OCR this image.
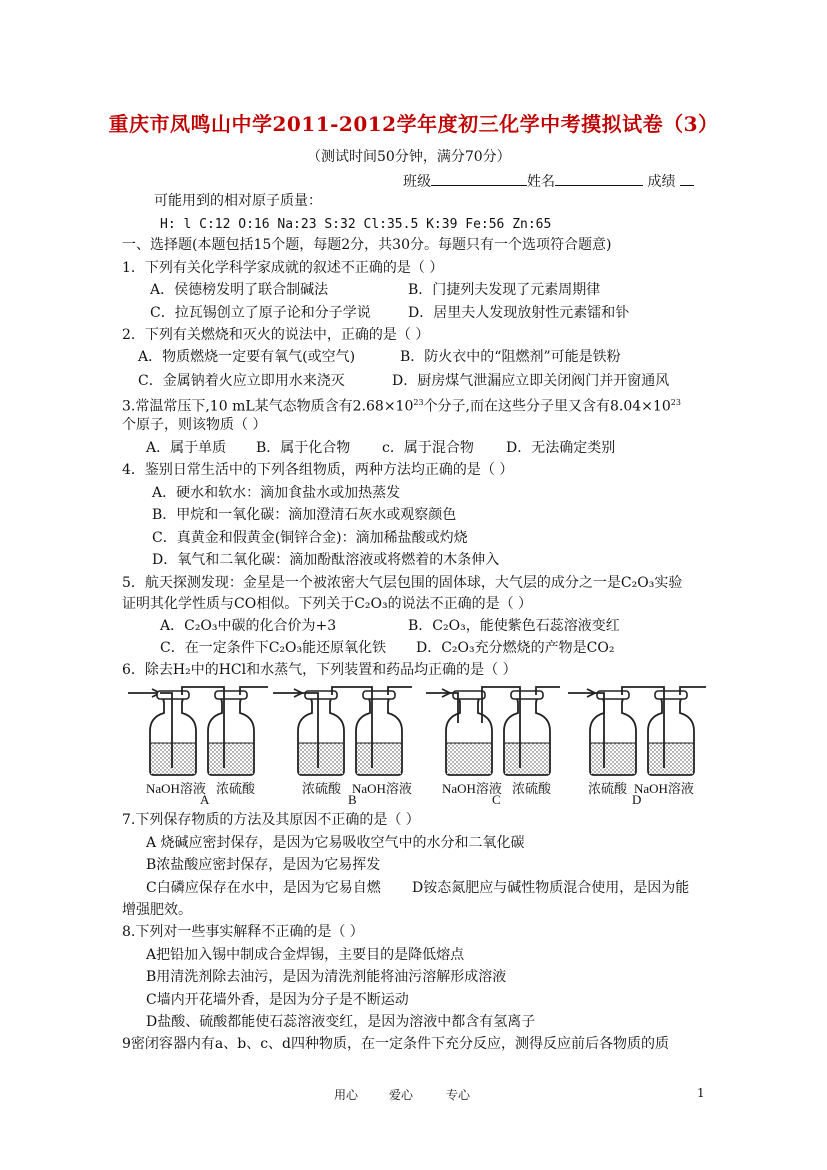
重庆市凤鸣山中学2011-2012学年度初三化学中考摸拟试卷（3）
（测试时间50分钟，满分70分）
班级	姓名	成绩
可能用到的相对原子质量：
H: l C:12 O:16 Na:23 S:32 Cl:35.5 K:39 Fe:56 Zn:65
一、选择题(本题包括15个题，每题2分，共30分。每题只有一个选项符合题意)
1．下列有关化学科学家成就的叙述不正确的是（ ）
A．侯德榜发明了联合制碱法	B．门捷列夫发现了元素周期律
C．拉瓦锡创立了原子论和分子学说	D．居里夫人发现放射性元素镭和钋
2．下列有关燃烧和灭火的说法中，正确的是（ ）
A．物质燃烧一定要有氧气(或空气)	B．防火衣中的“阻燃剂”可能是铁粉
C．金属钠着火应立即用水来浇灭	D．厨房煤气泄漏应立即关闭阀门并开窗通风
3.常温常压下,10 mL某气态物质含有$2.68\times 10^{23}$个分子,而在这些分子里又含有$8.04\times 10^{23}$
个原子，则该物质（ ）
A．属于单质 B．属于化合物 c．属于混合物 D．无法确定类别
4．鉴别日常生活中的下列各组物质，两种方法均正确的是（ ）
A．硬水和软水：滴加食盐水或加热蒸发
B．甲烷和一氧化碳：滴加澄清石灰水或观察颜色
C．真黄金和假黄金(铜锌合金)：滴加稀盐酸或灼烧
D．氧气和二氧化碳：滴加酚酞溶液或将燃着的木条伸入
5．航天探测发现：金星是一个被浓密大气层包围的固体球，大气层的成分之一是C₂O₃实验
证明其化学性质与CO相似。下列关于C₂O₃的说法不正确的是（ ）
A．C₂O₃中碳的化合价为+3	B．C₂O₃，能使紫色石蕊溶液变红
C．在一定条件下C₂O₃能还原氧化铁 D．C₂O₃充分燃烧的产物是CO₂
6．除去H₂中的HCl和水蒸气，下列装置和药品均正确的是（ ）
NaOH溶液 浓硫酸
A
浓硫酸 NaOH溶液
B
NaOH溶液 浓硫酸
C
浓硫酸 NaOH溶液
D
7.下列保存物质的方法及其原因不正确的是（ ）
A 烧碱应密封保存，是因为它易吸收空气中的水分和二氧化碳
B浓盐酸应密封保存，是因为它易挥发
C白磷应保存在水中，是因为它易自燃 D铵态氮肥应与碱性物质混合使用，是因为能
增强肥效。
8.下列对一些事实解释不正确的是（ ）
A把铅加入锡中制成合金焊锡，主要目的是降低熔点
B用清洗剂除去油污，是因为清洗剂能将油污溶解形成溶液
C墙内开花墙外香，是因为分子是不断运动
D盐酸、硫酸都能使石蕊溶液变红，是因为溶液中都含有氢离子
9密闭容器内有a、b、c、d四种物质，在一定条件下充分反应，测得反应前后各物质的质
用心	爱心	专心	1
